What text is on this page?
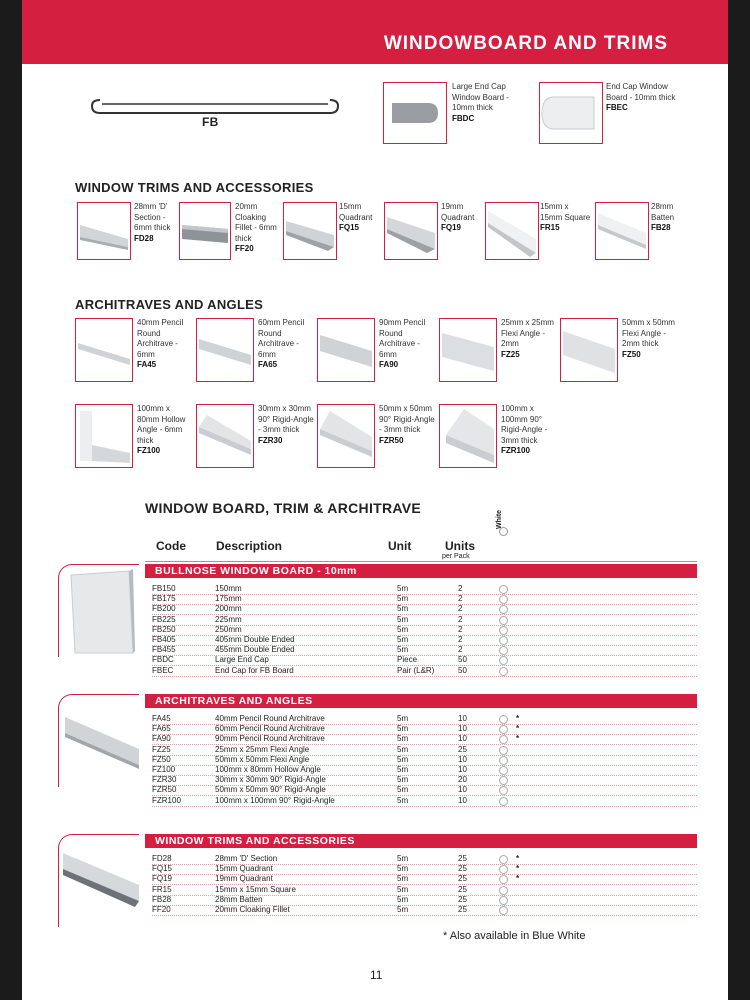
WINDOWBOARD AND TRIMS
FB
Large End Cap Window Board - 10mm thick
FBDC
End Cap Window Board - 10mm thick
FBEC
WINDOW TRIMS AND ACCESSORIES
28mm 'D' Section - 6mm thick
FD28
20mm Cloaking Fillet - 6mm thick
FF20
15mm Quadrant
FQ15
19mm Quadrant
FQ19
15mm x 15mm Square
FR15
28mm Batten
FB28
ARCHITRAVES AND ANGLES
40mm Pencil Round Architrave - 6mm
FA45
60mm Pencil Round Architrave - 6mm
FA65
90mm Pencil Round Architrave - 6mm
FA90
25mm x 25mm Flexi Angle - 2mm
FZ25
50mm x 50mm Flexi Angle - 2mm thick
FZ50
100mm x 80mm Hollow Angle - 6mm thick
FZ100
30mm x 30mm 90° Rigid-Angle - 3mm thick
FZR30
50mm x 50mm 90° Rigid-Angle - 3mm thick
FZR50
100mm x 100mm 90° Rigid-Angle - 3mm thick
FZR100
WINDOW BOARD, TRIM & ARCHITRAVE
White
Code	Description	Unit	Units
per Pack
BULLNOSE WINDOW BOARD - 10mm
FB150	150mm	5m	2
FB175	175mm	5m	2
FB200	200mm	5m	2
FB225	225mm	5m	2
FB250	250mm	5m	2
FB405	405mm Double Ended	5m	2
FB455	455mm Double Ended	5m	2
FBDC	Large End Cap	Piece	50
FBEC	End Cap for FB Board	Pair (L&R)	50
ARCHITRAVES AND ANGLES
FA45	40mm Pencil Round Architrave	5m	10	*
FA65	60mm Pencil Round Architrave	5m	10	*
FA90	90mm Pencil Round Architrave	5m	10	*
FZ25	25mm x 25mm Flexi Angle	5m	25
FZ50	50mm x 50mm Flexi Angle	5m	10
FZ100	100mm x 80mm Hollow Angle	5m	10
FZR30	30mm x 30mm 90° Rigid-Angle	5m	20
FZR50	50mm x 50mm 90° Rigid-Angle	5m	10
FZR100	100mm x 100mm 90° Rigid-Angle	5m	10
WINDOW TRIMS AND ACCESSORIES
FD28	28mm 'D' Section	5m	25	*
FQ15	15mm Quadrant	5m	25	*
FQ19	19mm Quadrant	5m	25	*
FR15	15mm x 15mm Square	5m	25
FB28	28mm Batten	5m	25
FF20	20mm Cloaking Fillet	5m	25
* Also available in Blue White
11
